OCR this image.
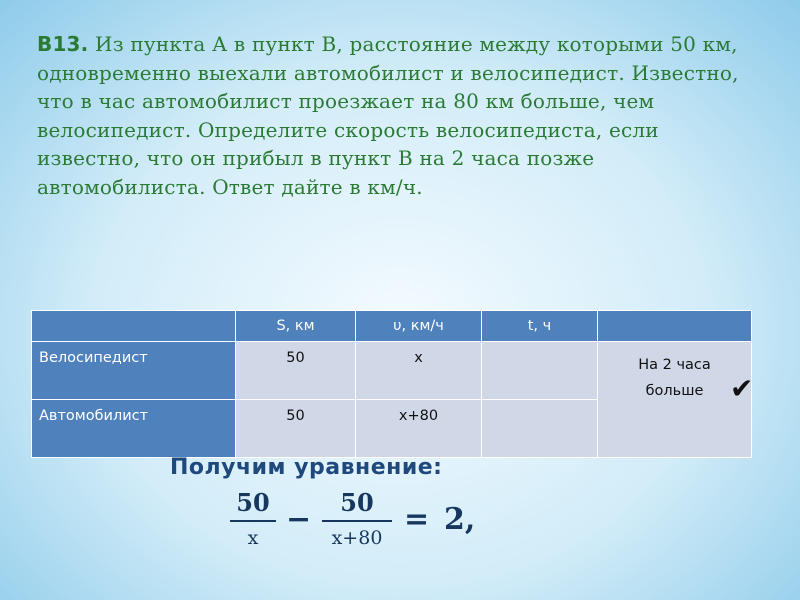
В13. Из пункта А в пункт В, расстояние между которыми 50 км, одновременно выехали автомобилист и велосипедист. Известно, что в час автомобилист проезжает на 80 км больше, чем велосипедист. Определите скорость велосипедиста, если известно, что он прибыл в пункт В на 2 часа позже автомобилиста. Ответ дайте в км/ч.
	S, км	υ, км/ч	t, ч	
Велосипедист	50	x		На 2 часа
больше

Автомобилист	50	x+80		
✔
Получим уравнение:
50
x
−	50
x+80
= 2,
